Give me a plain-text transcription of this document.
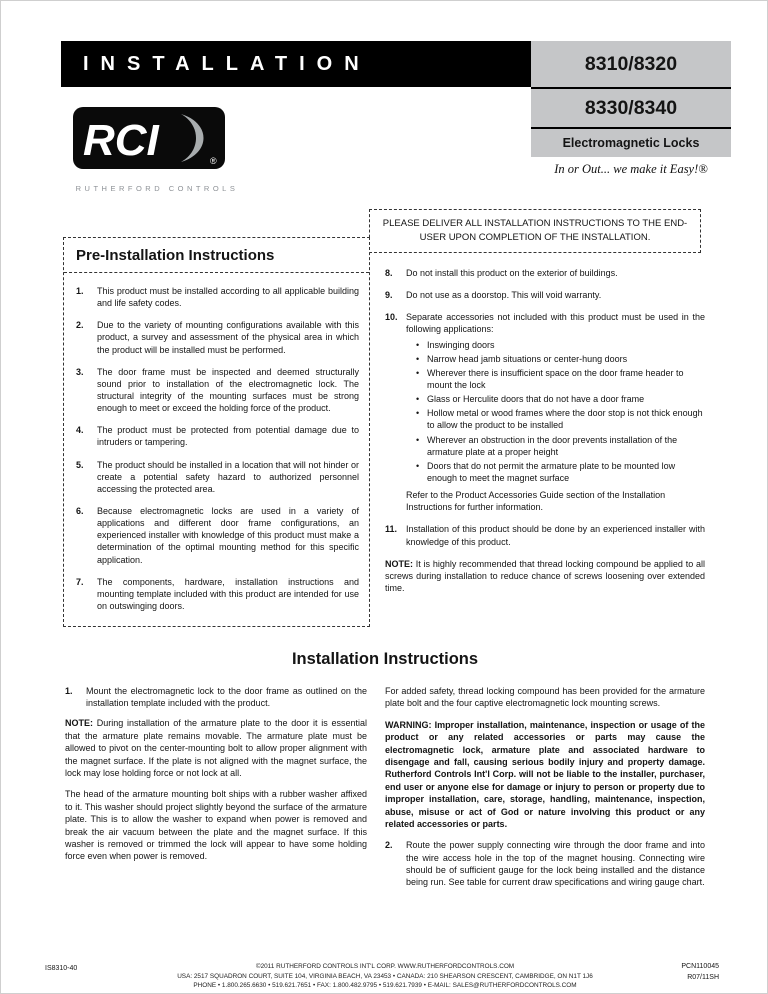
INSTALLATION	8310/8320
8330/8340
Electromagnetic Locks
In or Out... we make it Easy!®
RCI	®
RUTHERFORD CONTROLS
PLEASE DELIVER ALL INSTALLATION INSTRUCTIONS TO THE END-USER UPON COMPLETION OF THE INSTALLATION.
Pre-Installation Instructions
1.	This product must be installed according to all applicable building and life safety codes.
2.	Due to the variety of mounting configurations available with this product, a survey and assessment of the physical area in which the product will be installed must be performed.
3.	The door frame must be inspected and deemed structurally sound prior to installation of the electromagnetic lock. The structural integrity of the mounting surfaces must be strong enough to meet or exceed the holding force of the product.
4.	The product must be protected from potential damage due to intruders or tampering.
5.	The product should be installed in a location that will not hinder or create a potential safety hazard to authorized personnel accessing the protected area.
6.	Because electromagnetic locks are used in a variety of applications and different door frame configurations, an experienced installer with knowledge of this product must make a determination of the optimal mounting method for this specific application.
7.	The components, hardware, installation instructions and mounting template included with this product are intended for use on outswinging doors.
8.	Do not install this product on the exterior of buildings.
9.	Do not use as a doorstop. This will void warranty.
10. Separate accessories not included with this product must be used in the following applications:
• Inswinging doors
• Narrow head jamb situations or center-hung doors
• Wherever there is insufficient space on the door frame header to mount the lock
• Glass or Herculite doors that do not have a door frame
• Hollow metal or wood frames where the door stop is not thick enough to allow the product to be installed
• Wherever an obstruction in the door prevents installation of the armature plate at a proper height
• Doors that do not permit the armature plate to be mounted low enough to meet the magnet surface
Refer to the Product Accessories Guide section of the Installation Instructions for further information.
11. Installation of this product should be done by an experienced installer with knowledge of this product.

NOTE: It is highly recommended that thread locking compound be applied to all screws during installation to reduce chance of screws loosening over extended time.

Installation Instructions
1.	Mount the electromagnetic lock to the door frame as outlined on the installation template included with the product.

NOTE: During installation of the armature plate to the door it is essential that the armature plate remains movable. The armature plate must be allowed to pivot on the center-mounting bolt to allow proper alignment with the magnet surface. If the plate is not aligned with the magnet surface, the lock may lose holding force or not lock at all.

The head of the armature mounting bolt ships with a rubber washer affixed to it. This washer should project slightly beyond the surface of the armature plate. This is to allow the washer to expand when power is removed and break the air vacuum between the plate and the magnet surface. If this washer is removed or trimmed the lock will appear to have some holding force even when power is removed.

For added safety, thread locking compound has been provided for the armature plate bolt and the four captive electromagnetic lock mounting screws.

WARNING: Improper installation, maintenance, inspection or usage of the product or any related accessories or parts may cause the electromagnetic lock, armature plate and associated hardware to disengage and fall, causing serious bodily injury and property damage. Rutherford Controls Int'l Corp. will not be liable to the installer, purchaser, end user or anyone else for damage or injury to person or property due to improper installation, care, storage, handling, maintenance, inspection, abuse, misuse or act of God or nature involving this product or any related accessories or parts.

2.	Route the power supply connecting wire through the door frame and into the wire access hole in the top of the magnet housing. Connecting wire should be of sufficient gauge for the lock being installed and the distance being run. See table for current draw specifications and wiring gauge chart.
IS8310-40	©2011 RUTHERFORD CONTROLS INT'L CORP. WWW.RUTHERFORDCONTROLS.COM
USA: 2517 SQUADRON COURT, SUITE 104, VIRGINIA BEACH, VA 23453 • CANADA: 210 SHEARSON CRESCENT, CAMBRIDGE, ON N1T 1J6
PHONE • 1.800.265.6630 • 519.621.7651 • FAX: 1.800.482.9795 • 519.621.7939 • E-MAIL: SALES@RUTHERFORDCONTROLS.COM
PCN110045
R07/11SH
